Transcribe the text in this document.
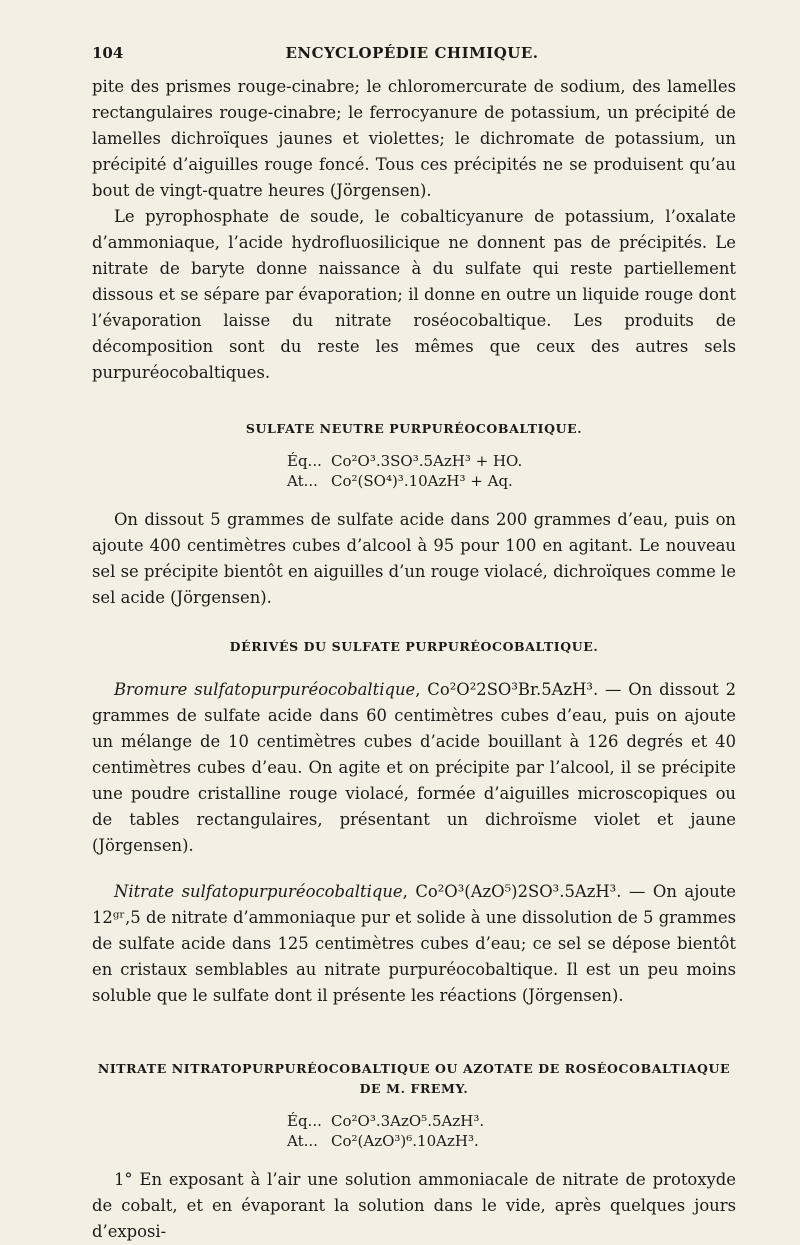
104	ENCYCLOPÉDIE CHIMIQUE.

pite des prismes rouge-cinabre; le chloromercurate de sodium, des lamelles rectangulaires rouge-cinabre; le ferrocyanure de potassium, un précipité de lamelles dichroïques jaunes et violettes; le dichromate de potassium, un précipité d’aiguilles rouge foncé. Tous ces précipités ne se produisent qu’au bout de vingt-quatre heures (Jörgensen).

Le pyrophosphate de soude, le cobalticyanure de potassium, l’oxalate d’ammoniaque, l’acide hydrofluosilicique ne donnent pas de précipités. Le nitrate de baryte donne naissance à du sulfate qui reste partiellement dissous et se sépare par évaporation; il donne en outre un liquide rouge dont l’évaporation laisse du nitrate roséocobaltique. Les produits de décomposition sont du reste les mêmes que ceux des autres sels purpuréocobaltiques.

SULFATE NEUTRE PURPURÉOCOBALTIQUE.
Éq... Co²O³.3SO³.5AzH³ + HO.
At... Co²(SO⁴)³.10AzH³ + Aq.

On dissout 5 grammes de sulfate acide dans 200 grammes d’eau, puis on ajoute 400 centimètres cubes d’alcool à 95 pour 100 en agitant. Le nouveau sel se précipite bientôt en aiguilles d’un rouge violacé, dichroïques comme le sel acide (Jörgensen).

DÉRIVÉS DU SULFATE PURPURÉOCOBALTIQUE.

Bromure sulfatopurpuréocobaltique, Co²O²2SO³Br.5AzH³. — On dissout 2 grammes de sulfate acide dans 60 centimètres cubes d’eau, puis on ajoute un mélange de 10 centimètres cubes d’acide bouillant à 126 degrés et 40 centimètres cubes d’eau. On agite et on précipite par l’alcool, il se précipite une poudre cristalline rouge violacé, formée d’aiguilles microscopiques ou de tables rectangulaires, présentant un dichroïsme violet et jaune (Jörgensen).

Nitrate sulfatopurpuréocobaltique, Co²O³(AzO⁵)2SO³.5AzH³. — On ajoute 12ᵍʳ,5 de nitrate d’ammoniaque pur et solide à une dissolution de 5 grammes de sulfate acide dans 125 centimètres cubes d’eau; ce sel se dépose bientôt en cristaux semblables au nitrate purpuréocobaltique. Il est un peu moins soluble que le sulfate dont il présente les réactions (Jörgensen).

NITRATE NITRATOPURPURÉOCOBALTIQUE OU AZOTATE DE ROSÉOCOBALTIAQUE
DE M. FREMY.
Éq... Co²O³.3AzO⁵.5AzH³.
At... Co²(AzO³)⁶.10AzH³.

1° En exposant à l’air une solution ammoniacale de nitrate de protoxyde de cobalt, et en évaporant la solution dans le vide, après quelques jours d’exposi-
